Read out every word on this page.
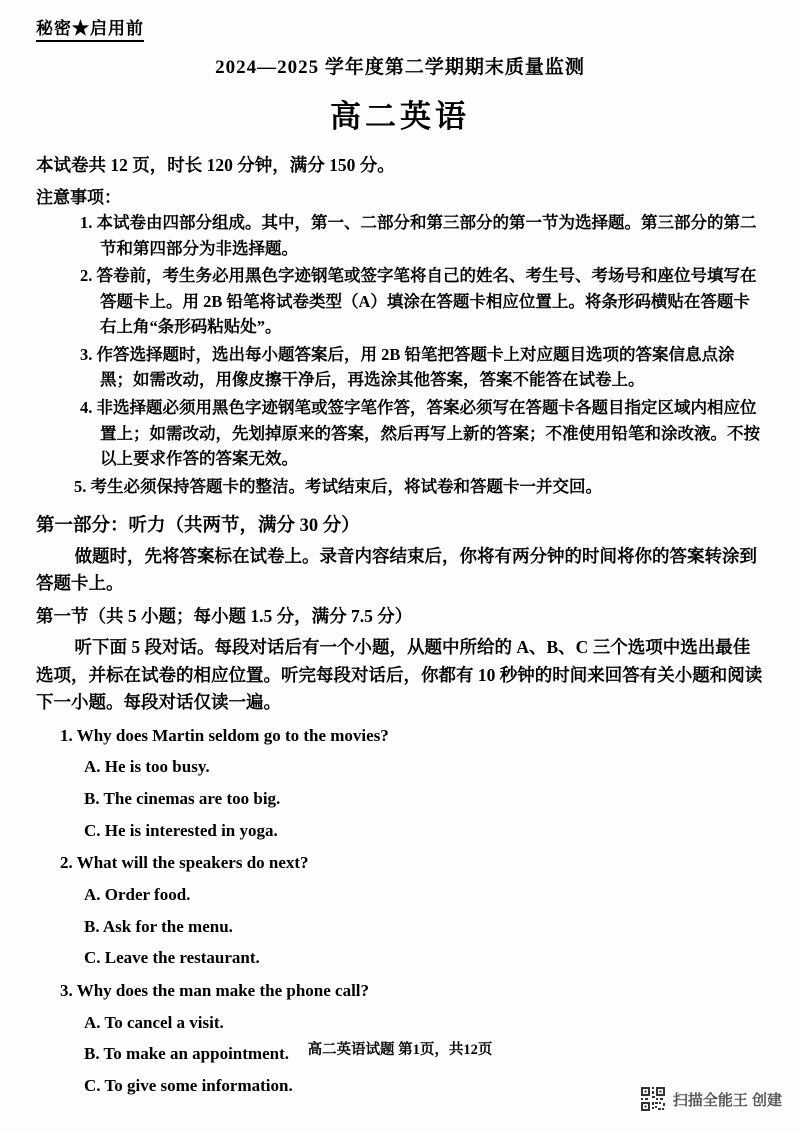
秘密★启用前
2024—2025 学年度第二学期期末质量监测
高二英语
本试卷共 12 页，时长 120 分钟，满分 150 分。
注意事项：
1. 本试卷由四部分组成。其中，第一、二部分和第三部分的第一节为选择题。第三部分的第二节和第四部分为非选择题。
2. 答卷前，考生务必用黑色字迹钢笔或签字笔将自己的姓名、考生号、考场号和座位号填写在答题卡上。用 2B 铅笔将试卷类型（A）填涂在答题卡相应位置上。将条形码横贴在答题卡右上角“条形码粘贴处”。
3. 作答选择题时，选出每小题答案后，用 2B 铅笔把答题卡上对应题目选项的答案信息点涂黑；如需改动，用像皮擦干净后，再选涂其他答案，答案不能答在试卷上。
4. 非选择题必须用黑色字迹钢笔或签字笔作答，答案必须写在答题卡各题目指定区域内相应位置上；如需改动，先划掉原来的答案，然后再写上新的答案；不准使用铅笔和涂改液。不按以上要求作答的答案无效。
5. 考生必须保持答题卡的整洁。考试结束后，将试卷和答题卡一并交回。
第一部分：听力（共两节，满分 30 分）
做题时，先将答案标在试卷上。录音内容结束后，你将有两分钟的时间将你的答案转涂到答题卡上。
第一节（共 5 小题；每小题 1.5 分，满分 7.5 分）
听下面 5 段对话。每段对话后有一个小题，从题中所给的 A、B、C 三个选项中选出最佳选项，并标在试卷的相应位置。听完每段对话后，你都有 10 秒钟的时间来回答有关小题和阅读下一小题。每段对话仅读一遍。
1. Why does Martin seldom go to the movies?
A. He is too busy.
B. The cinemas are too big.
C. He is interested in yoga.
2. What will the speakers do next?
A. Order food.
B. Ask for the menu.
C. Leave the restaurant.
3. Why does the man make the phone call?
A. To cancel a visit.
B. To make an appointment.
C. To give some information.
高二英语试题 第1页，共12页
扫描全能王 创建
